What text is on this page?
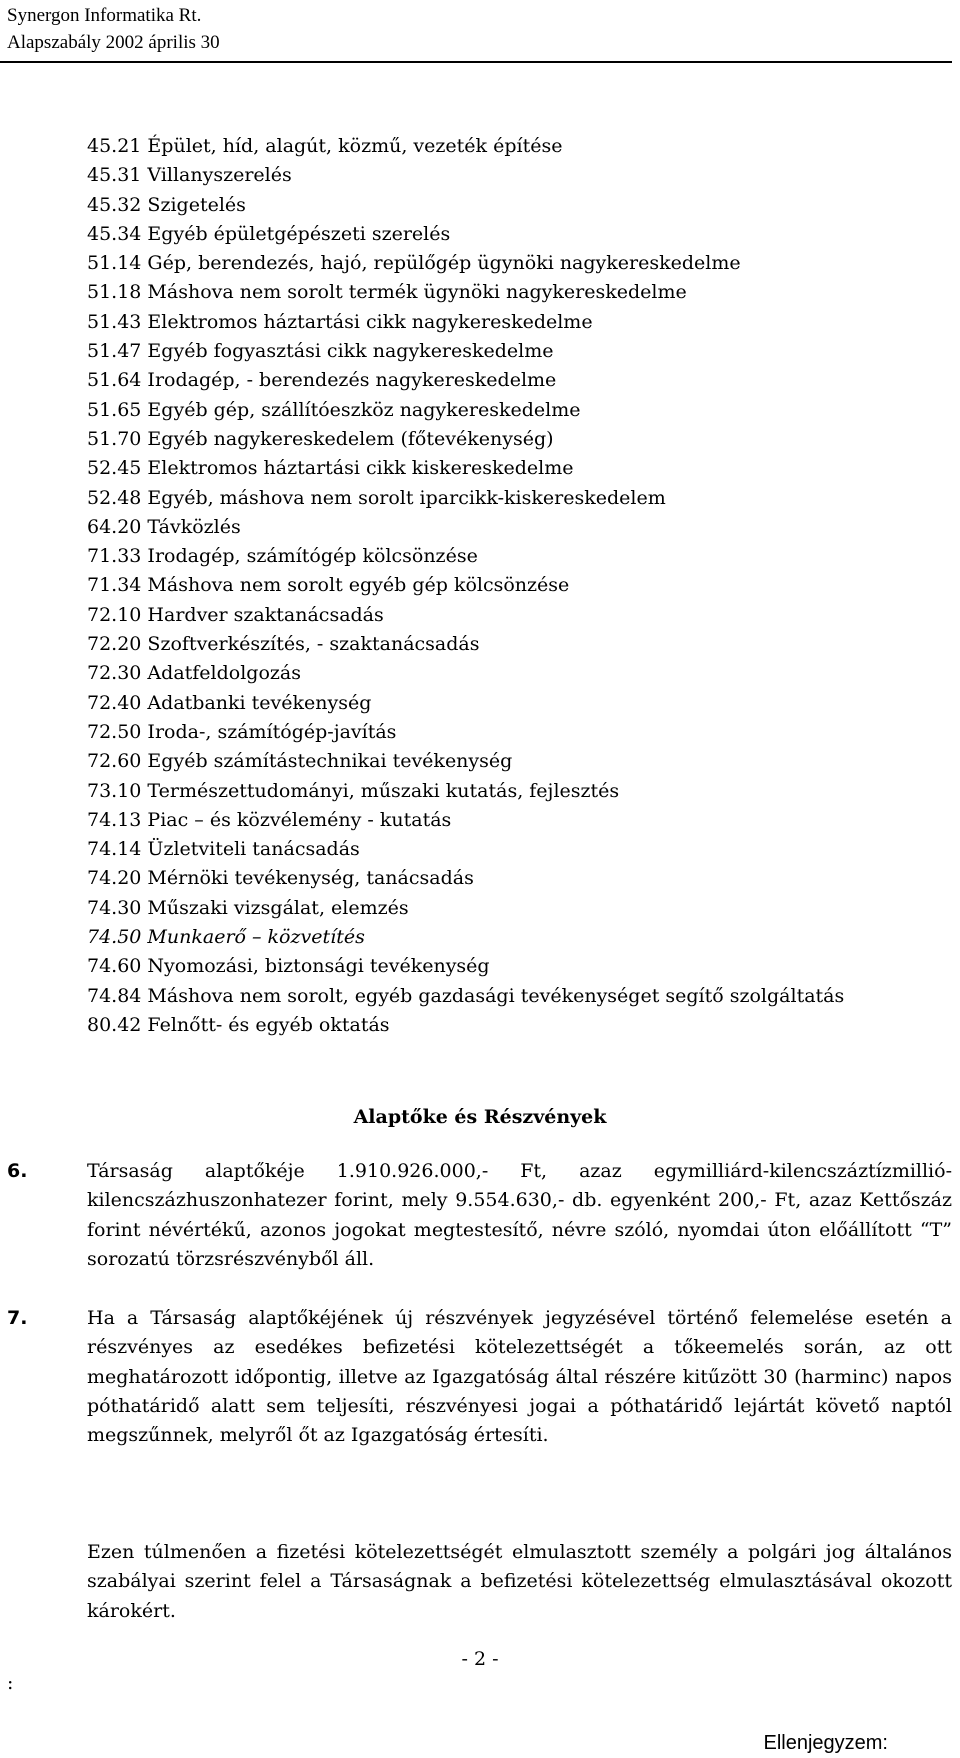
Synergon Informatika Rt.
Alapszabály 2002 április 30
45.21 Épület, híd, alagút, közmű, vezeték építése
45.31 Villanyszerelés
45.32 Szigetelés
45.34 Egyéb épületgépészeti szerelés
51.14 Gép, berendezés, hajó, repülőgép ügynöki nagykereskedelme
51.18 Máshova nem sorolt termék ügynöki nagykereskedelme
51.43 Elektromos háztartási cikk nagykereskedelme
51.47 Egyéb fogyasztási cikk nagykereskedelme
51.64 Irodagép, - berendezés nagykereskedelme
51.65 Egyéb gép, szállítóeszköz nagykereskedelme
51.70 Egyéb nagykereskedelem (főtevékenység)
52.45 Elektromos háztartási cikk kiskereskedelme
52.48 Egyéb, máshova nem sorolt iparcikk-kiskereskedelem
64.20 Távközlés
71.33 Irodagép, számítógép kölcsönzése
71.34 Máshova nem sorolt egyéb gép kölcsönzése
72.10 Hardver szaktanácsadás
72.20 Szoftverkészítés, - szaktanácsadás
72.30 Adatfeldolgozás
72.40 Adatbanki tevékenység
72.50 Iroda-, számítógép-javítás
72.60 Egyéb számítástechnikai tevékenység
73.10 Természettudományi, műszaki kutatás, fejlesztés
74.13 Piac – és közvélemény - kutatás
74.14 Üzletviteli tanácsadás
74.20 Mérnöki tevékenység, tanácsadás
74.30 Műszaki vizsgálat, elemzés
74.50 Munkaerő – közvetítés
74.60 Nyomozási, biztonsági tevékenység
74.84 Máshova nem sorolt, egyéb gazdasági tevékenységet segítő szolgáltatás
80.42 Felnőtt- és egyéb oktatás
Alaptőke és Részvények
6.	Társaság alaptőkéje 1.910.926.000,- Ft, azaz egymilliárd-kilencszáztízmillió- kilencszázhuszonhatezer forint, mely 9.554.630,- db. egyenként 200,- Ft, azaz Kettőszáz forint névértékű, azonos jogokat megtestesítő, névre szóló, nyomdai úton előállított “T” sorozatú törzsrészvényből áll.
7.	Ha a Társaság alaptőkéjének új részvények jegyzésével történő felemelése esetén a részvényes az esedékes befizetési kötelezettségét a tőkeemelés során, az ott meghatározott időpontig, illetve az Igazgatóság által részére kitűzött 30 (harminc) napos póthatáridő alatt sem teljesíti, részvényesi jogai a póthatáridő lejártát követő naptól megszűnnek, melyről őt az Igazgatóság értesíti.
Ezen túlmenően a fizetési kötelezettségét elmulasztott személy a polgári jog általános szabályai szerint felel a Társaságnak a befizetési kötelezettség elmulasztásával okozott károkért.
- 2 -
:
Ellenjegyzem:
